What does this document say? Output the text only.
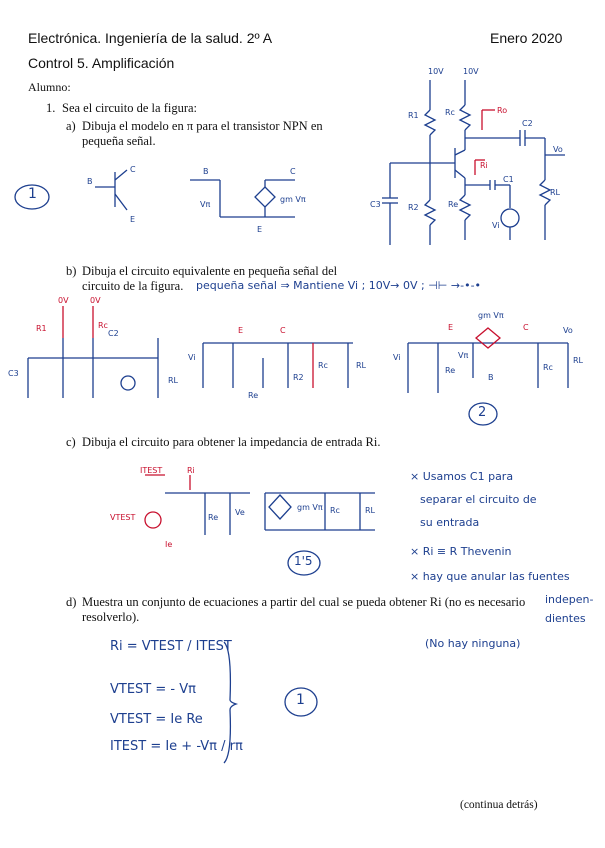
Electrónica. Ingeniería de la salud. 2º A	Enero 2020
Control 5. Amplificación
Alumno:
1. Sea el circuito de la figura:
a) Dibuja el modelo en π para el transistor NPN en pequeña señal.
10V 10V
R1	Rc	Ro
C2
Vo
Ri
C1
C3	R2	Re
RL
Vi
1
B
C
E
B	C
E
Vπ
gm Vπ
b) Dibuja el circuito equivalente en pequeña señal del circuito de la figura.	pequeña señal ⇒ Mantiene Vi ; 10V→ 0V ; ⊣⊢ →-•-•
0V	0V
R1	Rc
C2
C3
RL
Vi
E	C
Re
R2
Rc	RL
E	C
gm Vπ
Vo
Vi
Re
Vπ
B
Rc
RL
2
c) Dibuja el circuito para obtener la impedancia de entrada Ri.
ITEST	Ri
VTEST
Ie
Re
Ve
gm Vπ Rc	RL
1'5
× Usamos C1 para
separar el circuito de
su entrada
× Ri ≡ R Thevenin
× hay que anular las fuentes
indepen-
dientes
(No hay ninguna)
d) Muestra un conjunto de ecuaciones a partir del cual se pueda obtener Ri (no es necesario resolverlo).
Ri = VTEST / ITEST
VTEST = - Vπ
VTEST = Ie Re
ITEST = Ie + -Vπ / rπ
1
(continua detrás)
